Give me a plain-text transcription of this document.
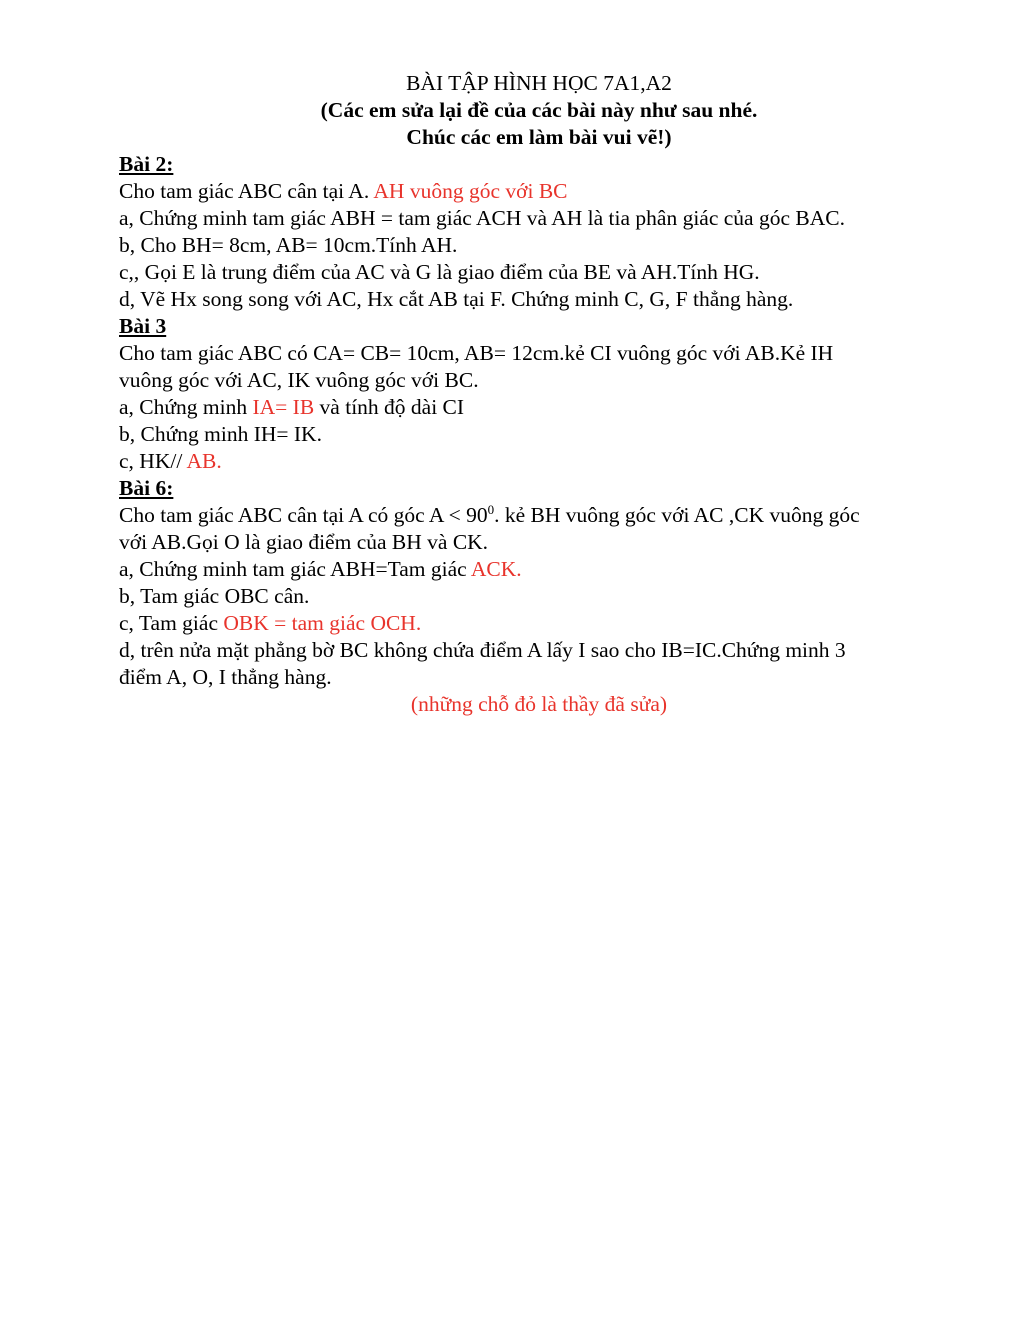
BÀI TẬP HÌNH HỌC 7A1,A2
(Các em sửa lại đề của các bài này như sau nhé.
Chúc các em làm bài vui vẽ!)
Bài 2:
Cho tam giác ABC cân tại A. AH vuông góc với BC
a, Chứng minh tam giác ABH = tam giác ACH và AH là tia phân giác của góc BAC.
b, Cho BH= 8cm, AB= 10cm.Tính AH.
c,, Gọi E là trung điểm của AC và G là giao điểm của BE và AH.Tính HG.
d, Vẽ Hx song song với AC, Hx cắt AB tại F. Chứng minh C, G, F thẳng hàng.
Bài 3
Cho tam giác ABC có CA= CB= 10cm, AB= 12cm.kẻ CI vuông góc với AB.Kẻ IH
vuông góc với AC, IK vuông góc với BC.
a, Chứng minh IA= IB và tính độ dài CI
b, Chứng minh IH= IK.
c, HK// AB.
Bài 6:
Cho tam giác ABC cân tại A có góc $A < 90^0$. kẻ BH vuông góc với AC ,CK vuông góc
với AB.Gọi O là giao điểm của BH và CK.
a, Chứng minh tam giác ABH=Tam giác ACK.
b, Tam giác OBC cân.
c, Tam giác OBK = tam giác OCH.
d, trên nửa mặt phẳng bờ BC không chứa điểm A lấy I sao cho IB=IC.Chứng minh 3
điểm A, O, I thẳng hàng.
(những chỗ đỏ là thầy đã sửa)
